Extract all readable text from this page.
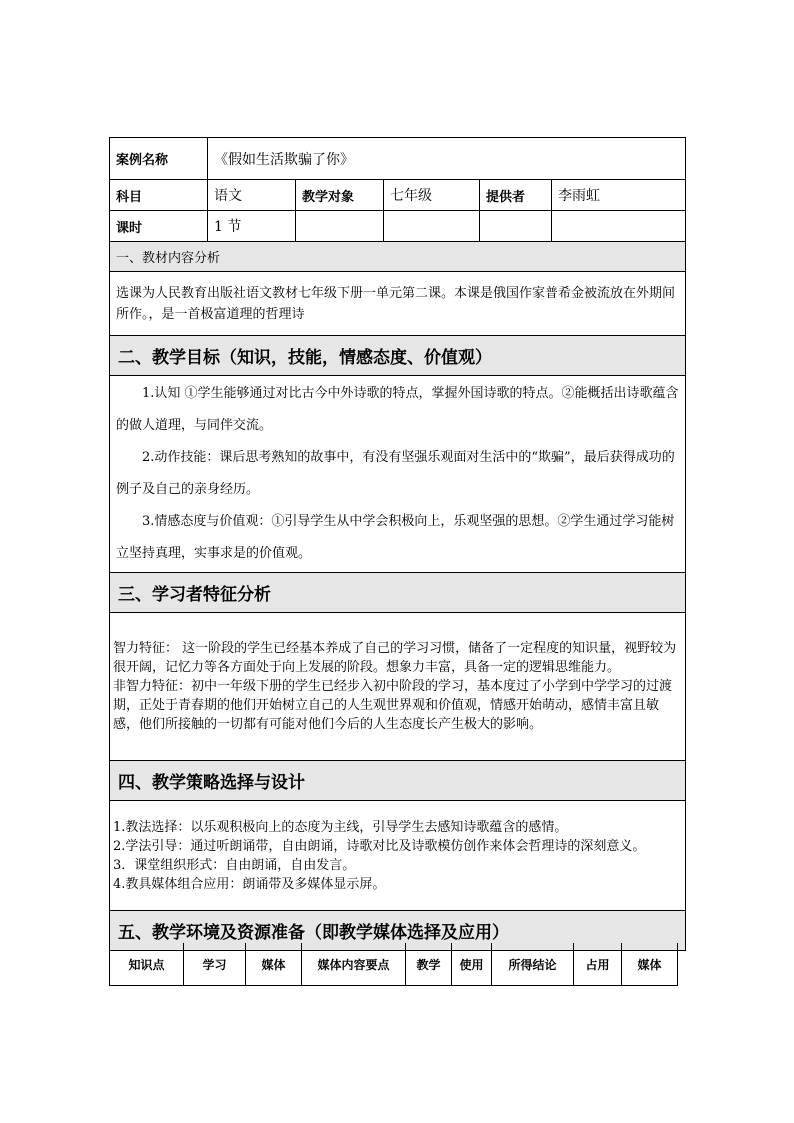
案例名称	《假如生活欺骗了你》				
科目	语文	教学对象	七年级	提供者	李雨虹
课时	1 节				
一、教材内容分析					
选课为人民教育出版社语文教材七年级下册一单元第二课。本课是俄国作家普希金被流放在外期间所作。，是一首极富道理的哲理诗					
二、教学目标（知识，技能，情感态度、价值观）					

1.认知 ①学生能够通过对比古今中外诗歌的特点，掌握外国诗歌的特点。②能概括出诗歌蕴含的做人道理，与同伴交流。

2.动作技能：课后思考熟知的故事中，有没有坚强乐观面对生活中的“欺骗”，最后获得成功的例子及自己的亲身经历。

3.情感态度与价值观：①引导学生从中学会积极向上，乐观坚强的思想。②学生通过学习能树立坚持真理，实事求是的价值观。					

三、学习者特征分析					

智力特征： 这一阶段的学生已经基本养成了自己的学习习惯，储备了一定程度的知识量，视野较为很开阔，记忆力等各方面处于向上发展的阶段。想象力丰富，具备一定的逻辑思维能力。

非智力特征：初中一年级下册的学生已经步入初中阶段的学习，基本度过了小学到中学学习的过渡期，正处于青春期的他们开始树立自己的人生观世界观和价值观，情感开始萌动，感情丰富且敏感，他们所接触的一切都有可能对他们今后的人生态度长产生极大的影响。					

四、教学策略选择与设计					

1.教法选择：以乐观积极向上的态度为主线，引导学生去感知诗歌蕴含的感情。

2.学法引导：通过听朗诵带，自由朗诵，诗歌对比及诗歌模仿创作来体会哲理诗的深刻意义。

3．课堂组织形式：自由朗诵，自由发言。

4.教具媒体组合应用：朗诵带及多媒体显示屏。					

五、教学环境及资源准备（即教学媒体选择及应用）					
知识点	学习	媒体	媒体内容要点	教学	使用	所得结论	占用	媒体
